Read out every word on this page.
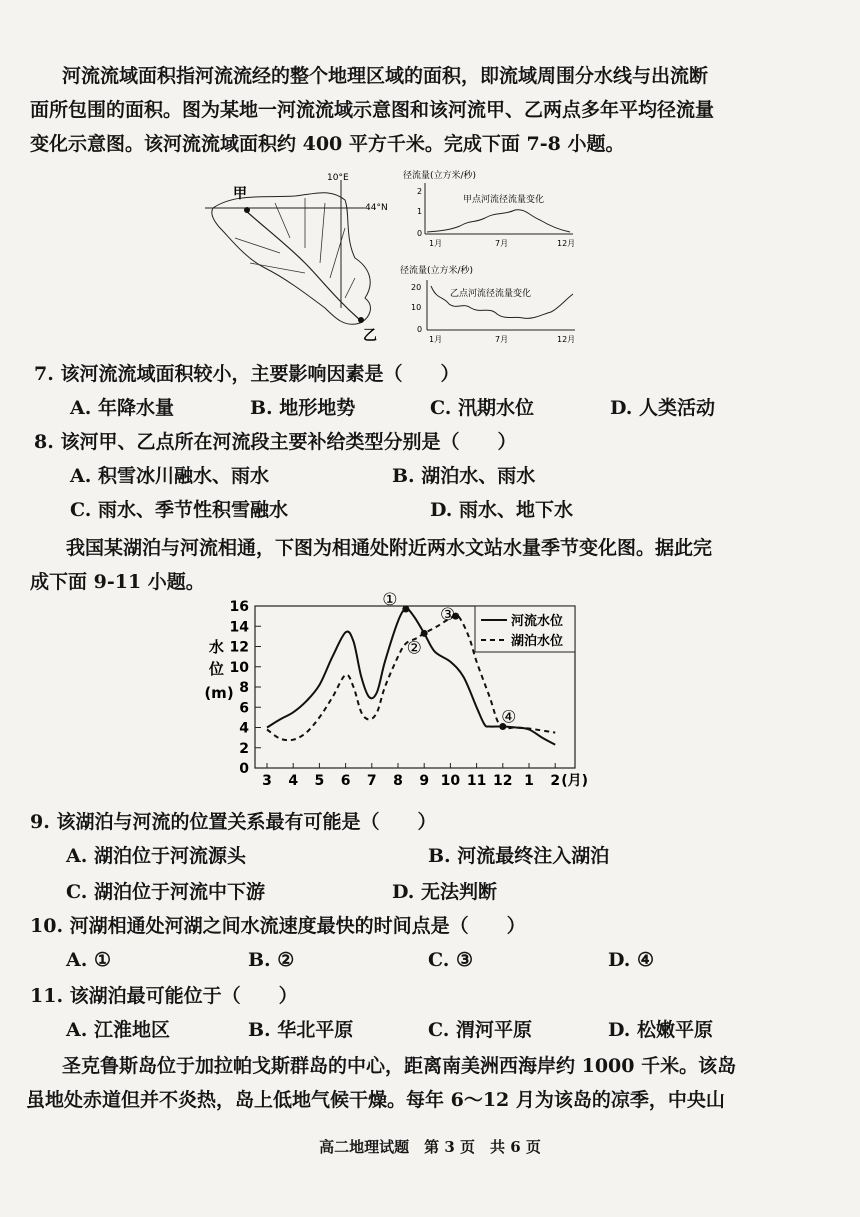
河流流域面积指河流流经的整个地理区域的面积，即流域周围分水线与出流断
面所包围的面积。图为某地一河流流域示意图和该河流甲、乙两点多年平均径流量
变化示意图。该河流流域面积约 400 平方千米。完成下面 7-8 小题。
10°E
44°N
甲
乙
径流量(立方米/秒)
甲点河流径流量变化
2
1
0
1月	7月	12月
径流量(立方米/秒)
乙点河流径流量变化
20
10
0
1月	7月	12月
7. 该河流流域面积较小，主要影响因素是（　　）
A. 年降水量	B. 地形地势	C. 汛期水位	D. 人类活动
8. 该河甲、乙点所在河流段主要补给类型分别是（　　）
A. 积雪冰川融水、雨水	B. 湖泊水、雨水
C. 雨水、季节性积雪融水	D. 雨水、地下水
我国某湖泊与河流相通，下图为相通处附近两水文站水量季节变化图。据此完
成下面 9-11 小题。
水 位 (m)
0
2
4
6
8
10
12
14
16
3 4 5 6 7 8 9 10 11 12 1 2 (月)
①
②
③
④
河流水位
湖泊水位
9. 该湖泊与河流的位置关系最有可能是（　　）
A. 湖泊位于河流源头	B. 河流最终注入湖泊
C. 湖泊位于河流中下游	D. 无法判断
10. 河湖相通处河湖之间水流速度最快的时间点是（　　）
A. ①	B. ②	C. ③	D. ④
11. 该湖泊最可能位于（　　）
A. 江淮地区	B. 华北平原	C. 渭河平原	D. 松嫩平原
圣克鲁斯岛位于加拉帕戈斯群岛的中心，距离南美洲西海岸约 1000 千米。该岛
虽地处赤道但并不炎热，岛上低地气候干燥。每年 6～12 月为该岛的凉季，中央山
高二地理试题　第 3 页　共 6 页
